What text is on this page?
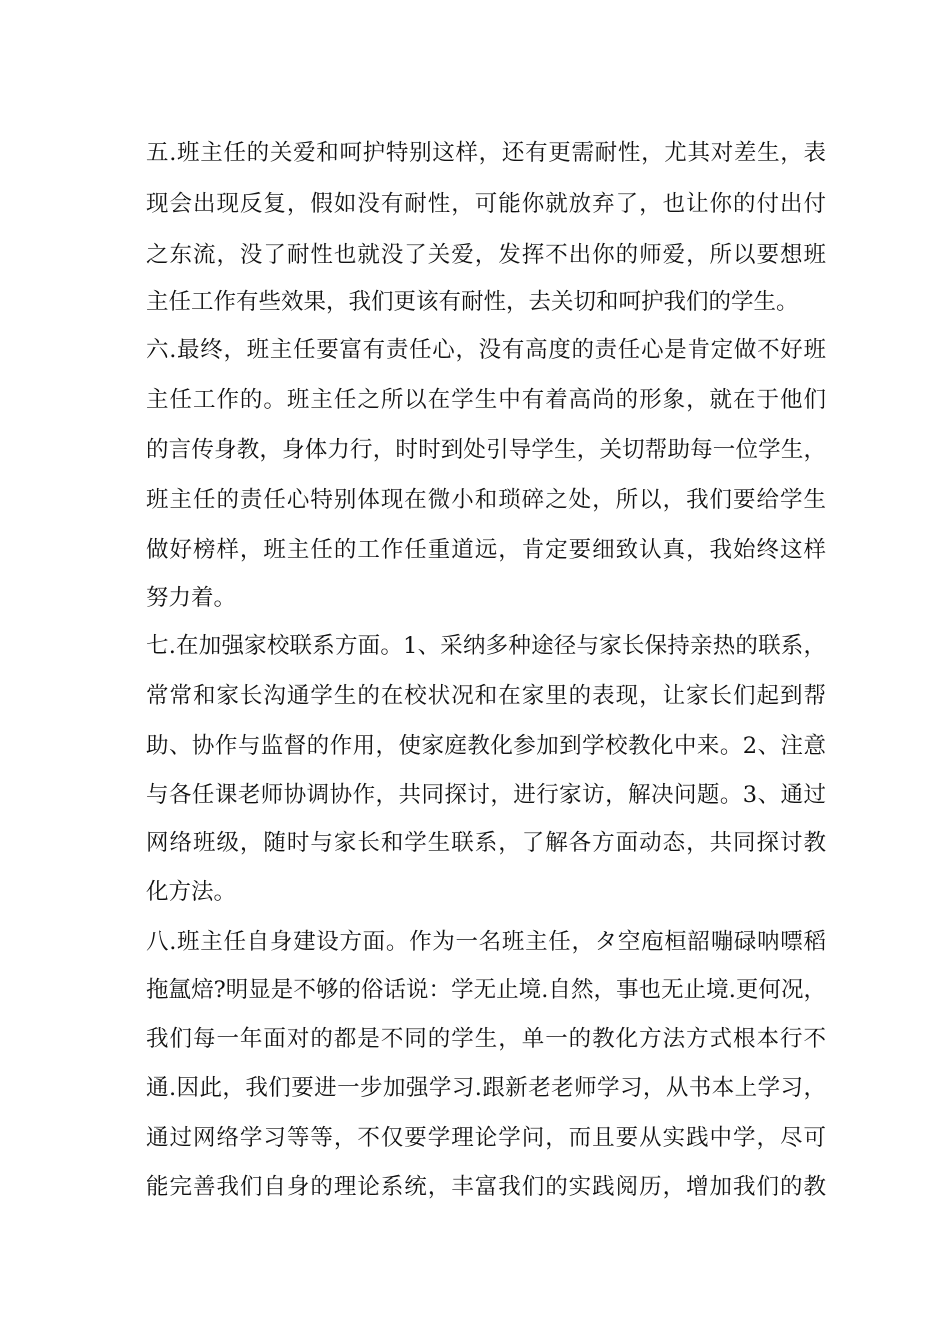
五.班主任的关爱和呵护特别这样，还有更需耐性，尤其对差生，表
现会出现反复，假如没有耐性，可能你就放弃了，也让你的付出付
之东流，没了耐性也就没了关爱，发挥不出你的师爱，所以要想班
主任工作有些效果，我们更该有耐性，去关切和呵护我们的学生。
六.最终，班主任要富有责任心，没有高度的责任心是肯定做不好班
主任工作的。班主任之所以在学生中有着高尚的形象，就在于他们
的言传身教，身体力行，时时到处引导学生，关切帮助每一位学生，
班主任的责任心特别体现在微小和琐碎之处，所以，我们要给学生
做好榜样，班主任的工作任重道远，肯定要细致认真，我始终这样
努力着。
七.在加强家校联系方面。1、采纳多种途径与家长保持亲热的联系，
常常和家长沟通学生的在校状况和在家里的表现，让家长们起到帮
助、协作与监督的作用，使家庭教化参加到学校教化中来。2、注意
与各任课老师协调协作，共同探讨，进行家访，解决问题。3、通过
网络班级，随时与家长和学生联系，了解各方面动态，共同探讨教
化方法。
八.班主任自身建设方面。作为一名班主任，タ空庖桓韶嘣碌呐嘌稻
拖氲焙?明显是不够的俗话说：学无止境.自然，事也无止境.更何况，
我们每一年面对的都是不同的学生，单一的教化方法方式根本行不
通.因此，我们要进一步加强学习.跟新老老师学习，从书本上学习，
通过网络学习等等，不仅要学理论学问，而且要从实践中学，尽可
能完善我们自身的理论系统，丰富我们的实践阅历，增加我们的教
